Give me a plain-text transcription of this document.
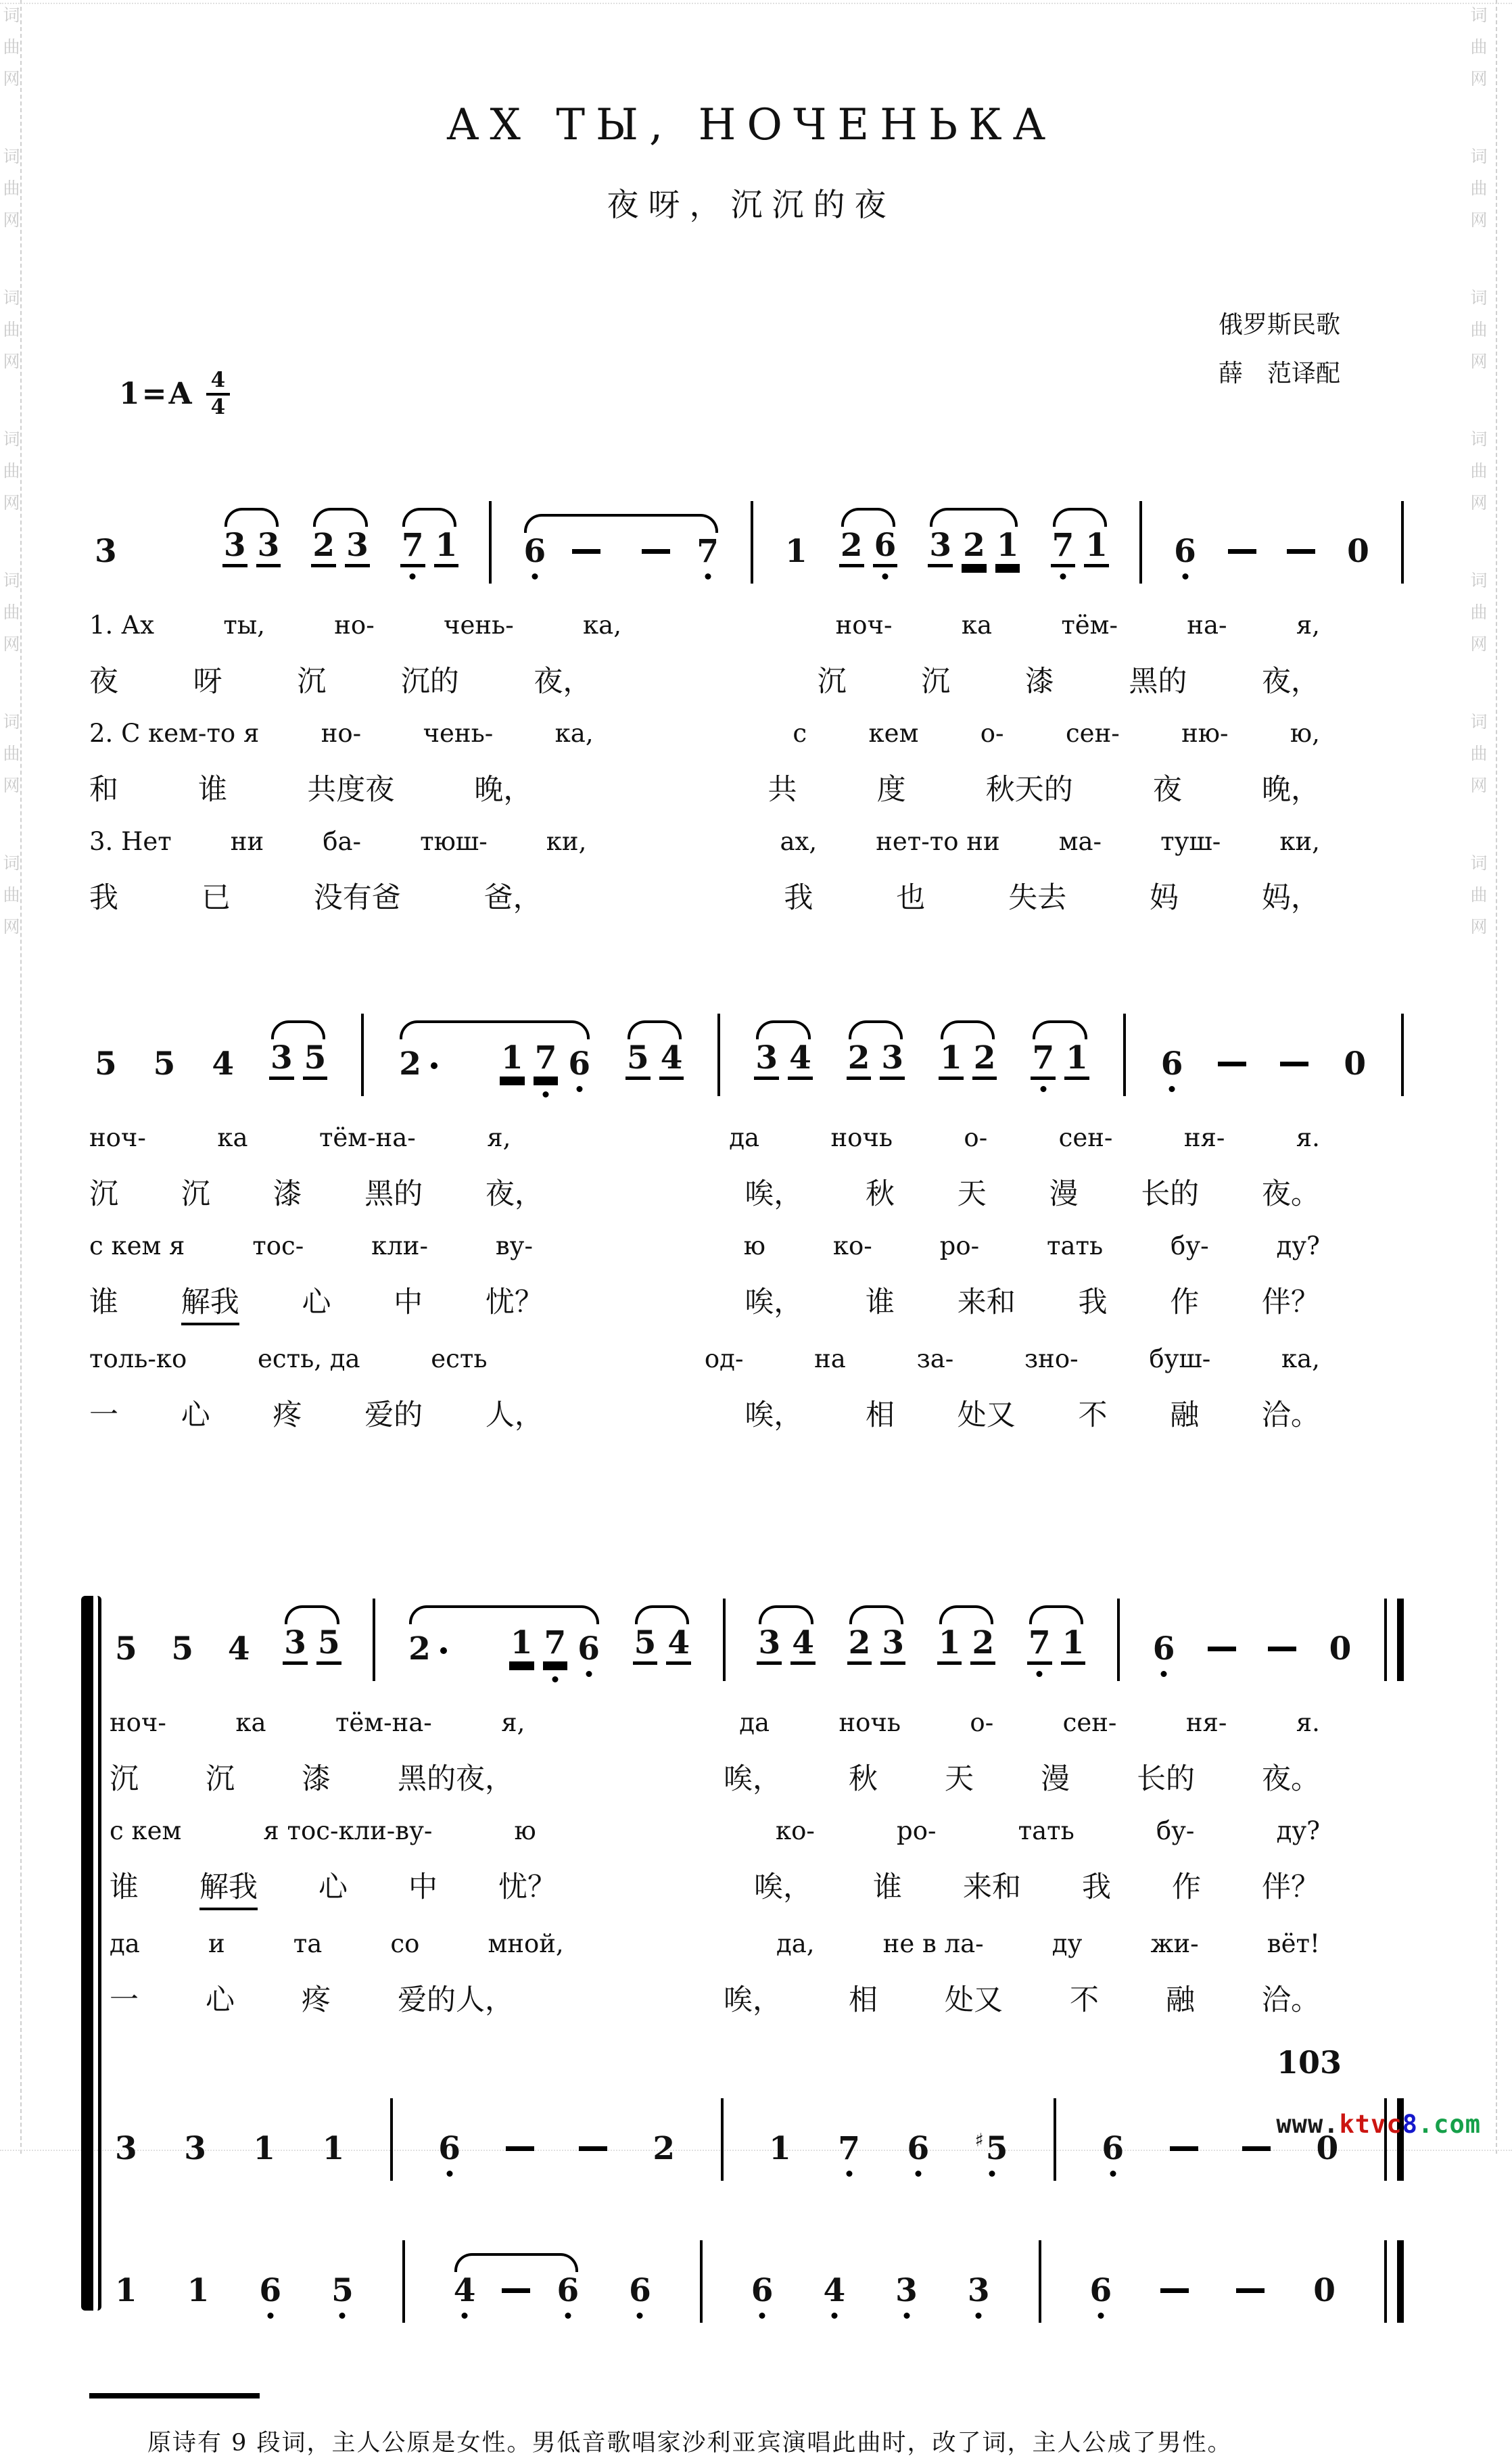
词
曲
网
词
曲
网
词
曲
网
词
曲
网
词
曲
网
词
曲
网
词
曲
网
词
曲
网
词
曲
网
词
曲
网
词
曲
网
词
曲
网
词
曲
网
词
曲
网
АХ ТЫ, НОЧЕНЬКА
夜呀，沉沉的夜
俄罗斯民歌
薛　范译配
$1=A \frac{4}{4}$
3	3 3 2 3 7 1 6	7 1 2 6 3 2 1 7 1 6	0
1. Ах	ты,	но-	чень-	ка,	ноч-	ка	тём-	на-	я,
夜	呀	沉	沉的	夜，	沉	沉	漆	黑的	夜，
2. С кем-то я но- чень- ка,	с кем о- сен- ню- ю,
和	谁	共度夜	晚，	共	度	秋天的	夜	晚，
3. Нет ни ба- тюш- ки,	ах, нет-то ни ма- туш- ки,
我	已	没有爸	爸，	我	也	失去	妈	妈，
5 5 4 3 5 2	1 7 6 5 4 3 4 2 3 1 2 7 1 6	0
ноч-	ка	тём-на-	я,	да	ночь	о-	сен-	ня-	я.
沉 沉 漆 黑的 夜，	唉， 秋 天 漫 长的 夜。
с кем я	тос-	кли-	ву-	ю	ко-	ро-	тать	бу-	ду?
谁 解我 心 中 忧？	唉， 谁 来和 我 作 伴？
толь-ко	есть, да	есть	од-	на	за-	зно-	буш-	ка,
一 心 疼 爱的 人，	唉， 相 处又 不 融 洽。
5 5 4 3 5 2	1 7 6 5 4 3 4 2 3 1 2 7 1 6	0
ноч-	ка	тём-на-	я,	да	ночь	о-	сен-	ня-	я.
沉 沉 漆 黑的夜，	唉， 秋 天 漫 长的 夜。
с кем	я тос-кли-ву-	ю	ко-	ро-	тать	бу-	ду?
谁 解我 心 中 忧？	唉， 谁 来和 我 作 伴？
да	и	та	со	мной,	да,	не в ла-	ду	жи-	вёт!
一 心 疼 爱的人，	唉， 相 处又 不 融 洽。
3 3 1 1	6	2	1 7 6 ♯ 5	6	0
1 1 6 5	4	6 6	6 4 3 3	6	0
原诗有 9 段词，主人公原是女性。男低音歌唱家沙利亚宾演唱此曲时，改了词，主人公成了男性。
103
www.ktvc8.com
